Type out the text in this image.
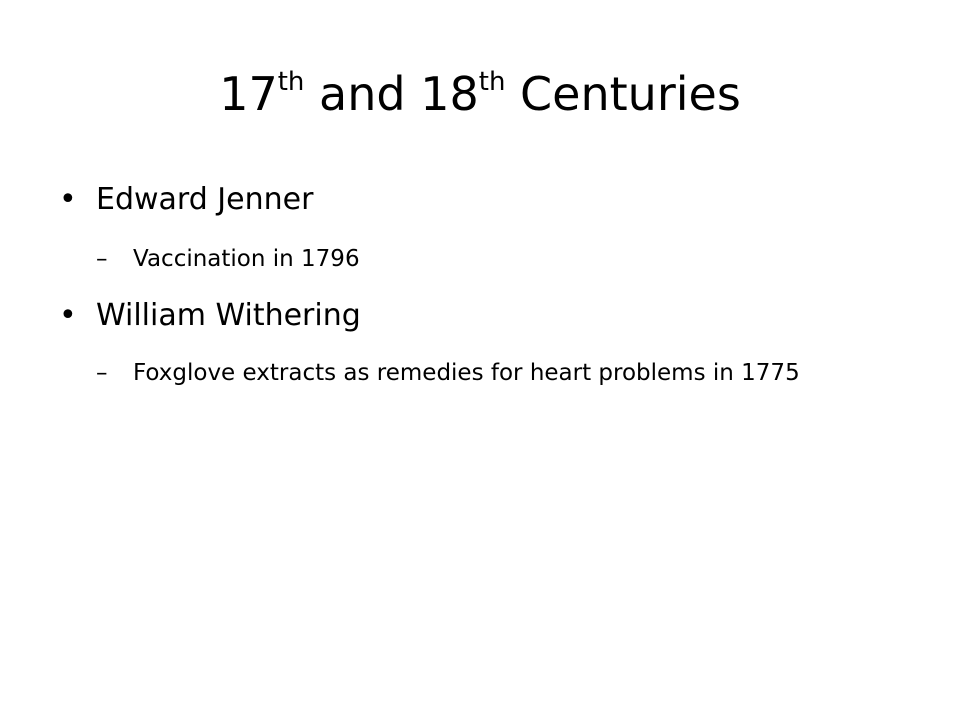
17th and 18th Centuries
• Edward Jenner
–	Vaccination in 1796
• William Withering
–	Foxglove extracts as remedies for heart problems in 1775
